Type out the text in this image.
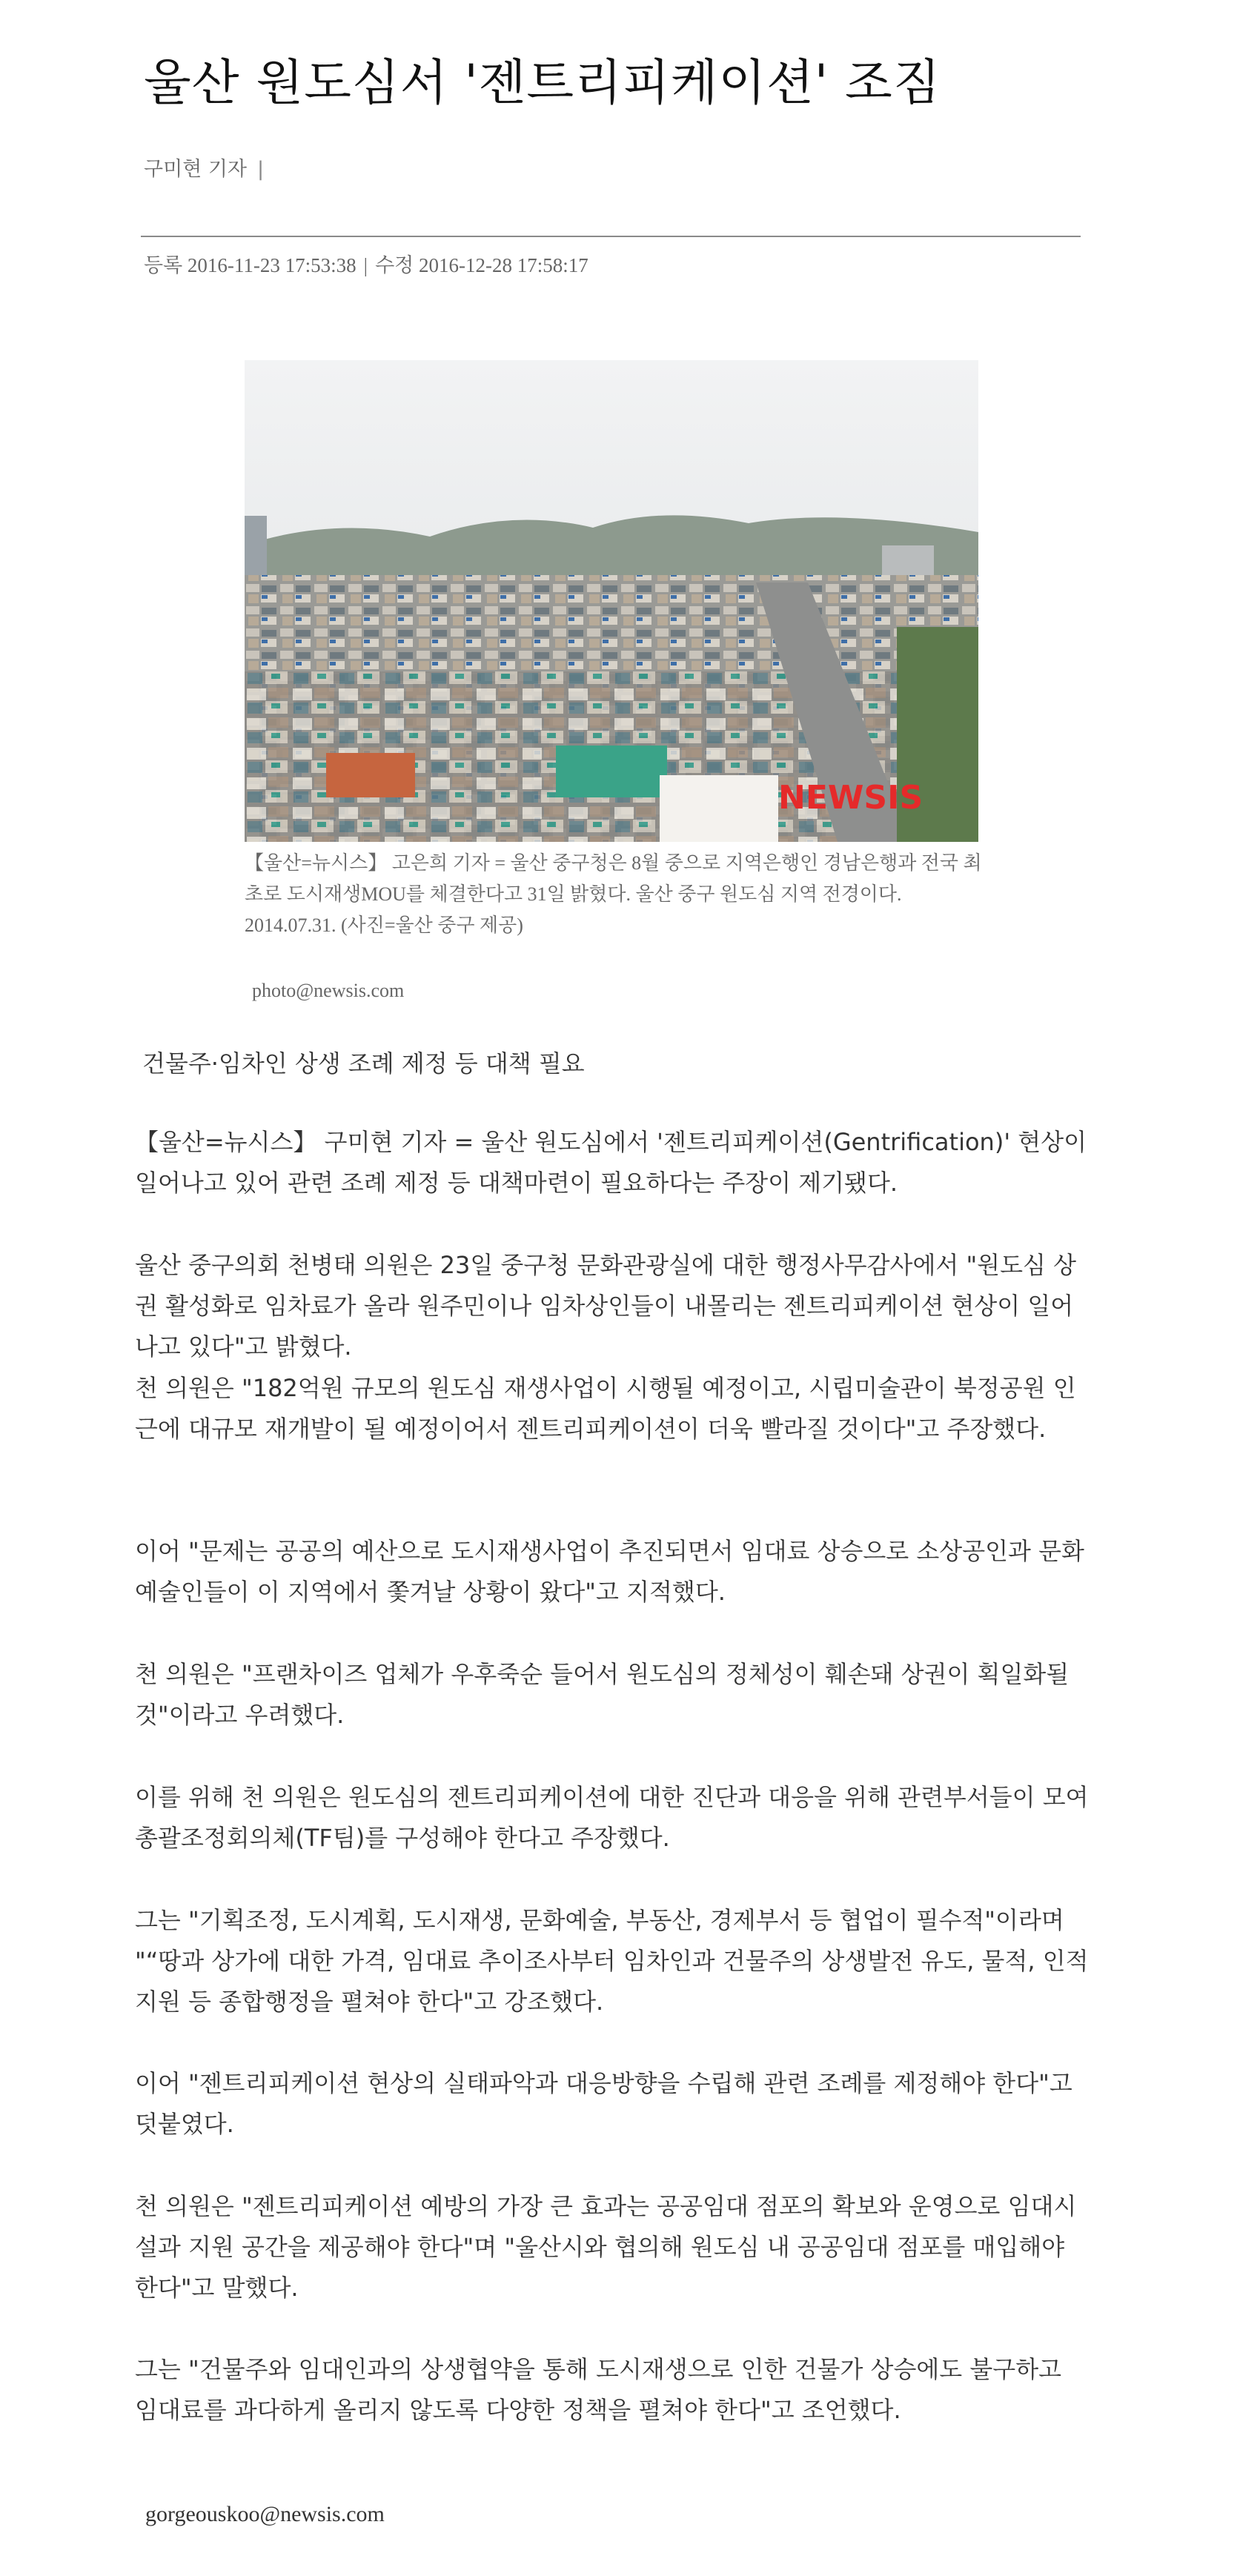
울산 원도심서 '젠트리피케이션' 조짐
구미현 기자 |
등록 2016-11-23 17:53:38 | 수정 2016-12-28 17:58:17
NEWSIS

【울산=뉴시스】 고은희 기자 = 울산 중구청은 8월 중으로 지역은행인 경남은행과 전국 최초로 도시재생MOU를 체결한다고 31일 밝혔다. 울산 중구 원도심 지역 전경이다. 2014.07.31. (사진=울산 중구 제공)

photo@newsis.com
건물주·임차인 상생 조례 제정 등 대책 필요

【울산=뉴시스】 구미현 기자 = 울산 원도심에서 '젠트리피케이션(Gentrification)' 현상이 일어나고 있어 관련 조례 제정 등 대책마련이 필요하다는 주장이 제기됐다.

울산 중구의회 천병태 의원은 23일 중구청 문화관광실에 대한 행정사무감사에서 "원도심 상권 활성화로 임차료가 올라 원주민이나 임차상인들이 내몰리는 젠트리피케이션 현상이 일어나고 있다"고 밝혔다.

천 의원은 "182억원 규모의 원도심 재생사업이 시행될 예정이고, 시립미술관이 북정공원 인근에 대규모 재개발이 될 예정이어서 젠트리피케이션이 더욱 빨라질 것이다"고 주장했다.

이어 "문제는 공공의 예산으로 도시재생사업이 추진되면서 임대료 상승으로 소상공인과 문화예술인들이 이 지역에서 쫓겨날 상황이 왔다"고 지적했다.

천 의원은 "프랜차이즈 업체가 우후죽순 들어서 원도심의 정체성이 훼손돼 상권이 획일화될 것"이라고 우려했다.

이를 위해 천 의원은 원도심의 젠트리피케이션에 대한 진단과 대응을 위해 관련부서들이 모여 총괄조정회의체(TF팀)를 구성해야 한다고 주장했다.

그는 "기획조정, 도시계획, 도시재생, 문화예술, 부동산, 경제부서 등 협업이 필수적"이라며 "“땅과 상가에 대한 가격, 임대료 추이조사부터 임차인과 건물주의 상생발전 유도, 물적, 인적 지원 등 종합행정을 펼쳐야 한다"고 강조했다.

이어 "젠트리피케이션 현상의 실태파악과 대응방향을 수립해 관련 조례를 제정해야 한다"고 덧붙였다.

천 의원은 "젠트리피케이션 예방의 가장 큰 효과는 공공임대 점포의 확보와 운영으로 임대시설과 지원 공간을 제공해야 한다"며 "울산시와 협의해 원도심 내 공공임대 점포를 매입해야 한다"고 말했다.

그는 "건물주와 임대인과의 상생협약을 통해 도시재생으로 인한 건물가 상승에도 불구하고 임대료를 과다하게 올리지 않도록 다양한 정책을 펼쳐야 한다"고 조언했다.

gorgeouskoo@newsis.com
